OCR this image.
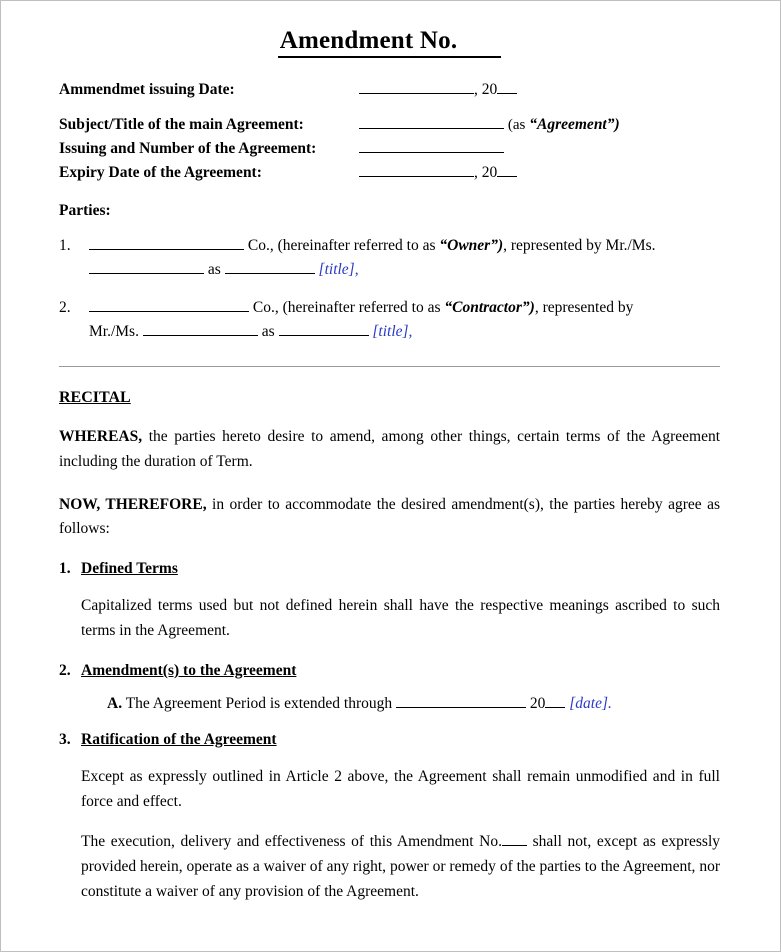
Amendment No.
Ammendmet issuing Date:	, 20
Subject/Title of the main Agreement:	(as “Agreement”)
Issuing and Number of the Agreement:
Expiry Date of the Agreement:	, 20
Parties:
1.	Co., (hereinafter referred to as “Owner”), represented by Mr./Ms.
as	[title],
2.	Co., (hereinafter referred to as “Contractor”), represented by
Mr./Ms.	as	[title],
RECITAL
WHEREAS, the parties hereto desire to amend, among other things, certain terms of the Agreement including the duration of Term.
NOW, THEREFORE, in order to accommodate the desired amendment(s), the parties hereby agree as follows:
1. Defined Terms
Capitalized terms used but not defined herein shall have the respective meanings ascribed to such terms in the Agreement.
2. Amendment(s) to the Agreement
A. The Agreement Period is extended through	20 [date].
3. Ratification of the Agreement
Except as expressly outlined in Article 2 above, the Agreement shall remain unmodified and in full force and effect.
The execution, delivery and effectiveness of this Amendment No. shall not, except as expressly provided herein, operate as a waiver of any right, power or remedy of the parties to the Agreement, nor constitute a waiver of any provision of the Agreement.
